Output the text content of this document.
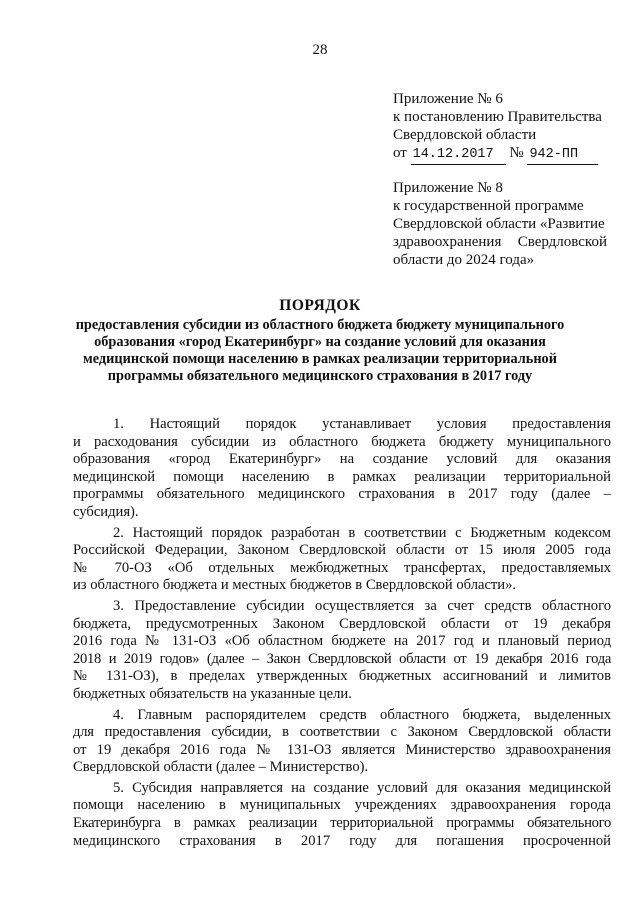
28
Приложение № 6
к постановлению Правительства
Свердловской области
от
14.12.2017
	№
942-ПП
Приложение № 8
к государственной программе
Свердловской области «Развитие
здравоохранения Свердловской
области до 2024 года»
ПОРЯДОК
предоставления субсидии из областного бюджета бюджету муниципального
образования «город Екатеринбург» на создание условий для оказания
медицинской помощи населению в рамках реализации территориальной
программы обязательного медицинского страхования в 2017 году
1. Настоящий порядок устанавливает условия предоставления
и расходования субсидии из областного бюджета бюджету муниципального
образования «город Екатеринбург» на создание условий для оказания
медицинской помощи населению в рамках реализации территориальной
программы обязательного медицинского страхования в 2017 году (далее –
субсидия).
2. Настоящий порядок разработан в соответствии с Бюджетным кодексом
Российской Федерации, Законом Свердловской области от 15 июля 2005 года
№ 70-ОЗ «Об отдельных межбюджетных трансфертах, предоставляемых
из областного бюджета и местных бюджетов в Свердловской области».
3. Предоставление субсидии осуществляется за счет средств областного
бюджета, предусмотренных Законом Свердловской области от 19 декабря
2016 года № 131-ОЗ «Об областном бюджете на 2017 год и плановый период
2018 и 2019 годов» (далее – Закон Свердловской области от 19 декабря 2016 года
№ 131-ОЗ), в пределах утвержденных бюджетных ассигнований и лимитов
бюджетных обязательств на указанные цели.
4. Главным распорядителем средств областного бюджета, выделенных
для предоставления субсидии, в соответствии с Законом Свердловской области
от 19 декабря 2016 года № 131-ОЗ является Министерство здравоохранения
Свердловской области (далее – Министерство).
5. Субсидия направляется на создание условий для оказания медицинской
помощи населению в муниципальных учреждениях здравоохранения города
Екатеринбурга в рамках реализации территориальной программы обязательного
медицинского страхования в 2017 году для погашения просроченной
